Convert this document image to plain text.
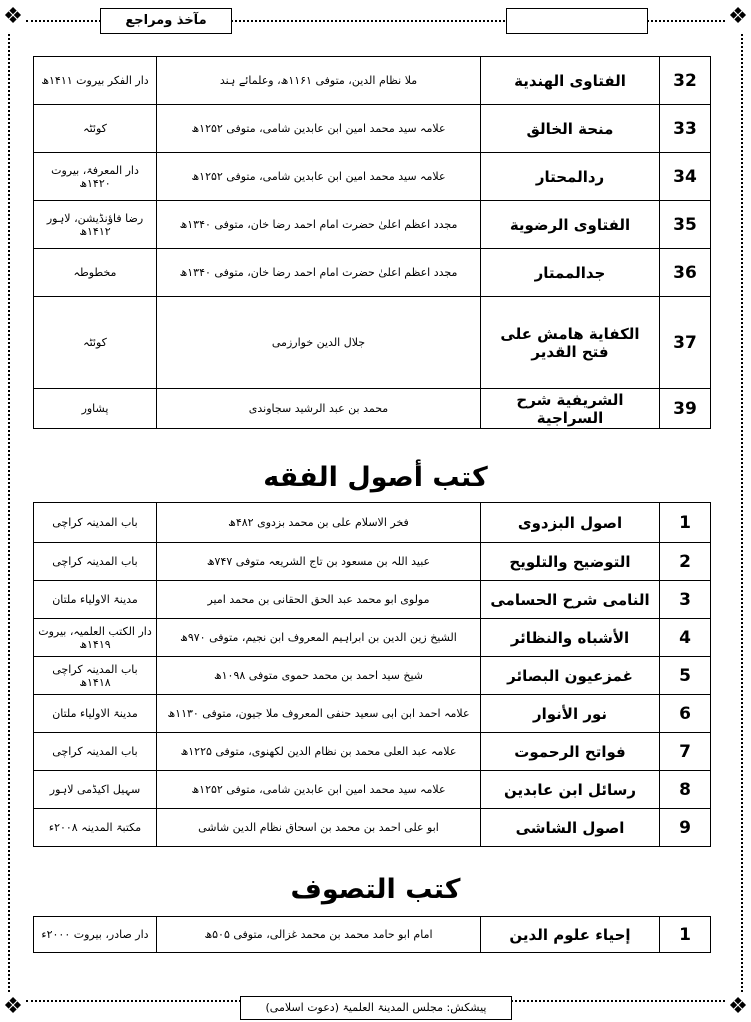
❖	❖
❖	❖
مآخذ ومراجع
32	الفتاوى الهندية	ملا نظام الدین، متوفی ۱۱۶۱ھ، وعلمائے ہند	دار الفکر بیروت ۱۴۱۱ھ
33	منحة الخالق	علامہ سید محمد امین ابن عابدین شامی، متوفی ۱۲۵۲ھ	کوئٹہ
34	ردالمحتار	علامہ سید محمد امین ابن عابدین شامی، متوفی ۱۲۵۲ھ	دار المعرفۃ، بیروت ۱۴۲۰ھ
35	الفتاوى الرضوية	مجدد اعظم اعلیٰ حضرت امام احمد رضا خان، متوفی ۱۳۴۰ھ	رضا فاؤنڈیشن، لاہور ۱۴۱۲ھ
36	جدالممتار	مجدد اعظم اعلیٰ حضرت امام احمد رضا خان، متوفی ۱۳۴۰ھ	مخطوطہ
37	الكفاية هامش على فتح القدير	جلال الدین خوارزمی	کوئٹہ
39	الشريفية شرح السراجية	محمد بن عبد الرشید سجاوندی	پشاور
كتب أصول الفقه
1	اصول البزدوی	فخر الاسلام علی بن محمد بزدوی ۴۸۲ھ	باب المدینہ کراچی
2	التوضيح والتلويح	عبید اللہ بن مسعود بن تاج الشریعہ متوفی ۷۴۷ھ	باب المدینہ کراچی
3	النامی شرح الحسامی	مولوی ابو محمد عبد الحق الحقانی بن محمد امیر	مدینۃ الاولیاء ملتان
4	الأشباه والنظائر	الشیخ زین الدین بن ابراہیم المعروف ابن نجیم، متوفی ۹۷۰ھ	دار الکتب العلمیہ، بیروت ۱۴۱۹ھ
5	غمزعيون البصائر	شیخ سید احمد بن محمد حموی متوفی ۱۰۹۸ھ	باب المدینہ کراچی ۱۴۱۸ھ
6	نور الأنوار	علامہ احمد ابن ابی سعید حنفی المعروف ملا جیون، متوفی ۱۱۳۰ھ	مدینۃ الاولیاء ملتان
7	فواتح الرحموت	علامہ عبد العلی محمد بن نظام الدین لکھنوی، متوفی ۱۲۲۵ھ	باب المدینہ کراچی
8	رسائل ابن عابدین	علامہ سید محمد امین ابن عابدین شامی، متوفی ۱۲۵۲ھ	سہیل اکیڈمی لاہور
9	اصول الشاشی	ابو علی احمد بن محمد بن اسحاق نظام الدین شاشی	مکتبۃ المدینہ ۲۰۰۸ء
كتب التصوف
1	إحياء علوم الدين	امام ابو حامد محمد بن محمد غزالی، متوفی ۵۰۵ھ	دار صادر، بیروت ۲۰۰۰ء
پیشکش: مجلس المدینۃ العلمیۃ (دعوت اسلامی)
